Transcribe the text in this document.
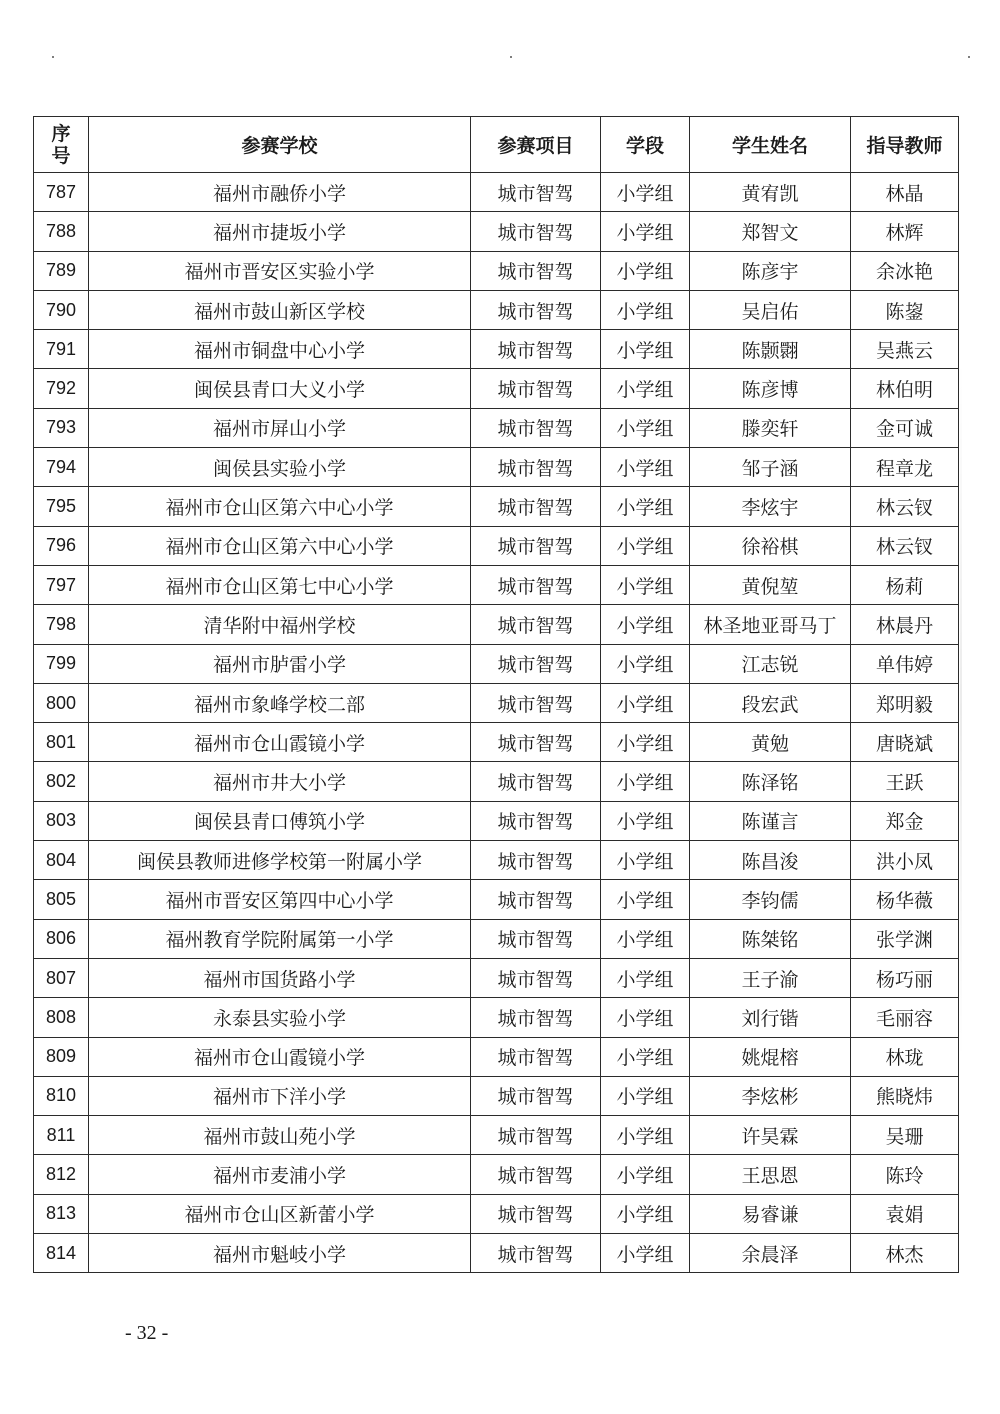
序
号	参赛学校	参赛项目	学段	学生姓名	指导教师
787	福州市融侨小学	城市智驾	小学组	黄宥凯	林晶
788	福州市捷坂小学	城市智驾	小学组	郑智文	林辉
789	福州市晋安区实验小学	城市智驾	小学组	陈彦宇	余冰艳
790	福州市鼓山新区学校	城市智驾	小学组	吴启佑	陈鋆
791	福州市铜盘中心小学	城市智驾	小学组	陈颢翾	吴燕云
792	闽侯县青口大义小学	城市智驾	小学组	陈彦博	林伯明
793	福州市屏山小学	城市智驾	小学组	滕奕轩	金可诚
794	闽侯县实验小学	城市智驾	小学组	邹子涵	程章龙
795	福州市仓山区第六中心小学	城市智驾	小学组	李炫宇	林云钗
796	福州市仓山区第六中心小学	城市智驾	小学组	徐裕棋	林云钗
797	福州市仓山区第七中心小学	城市智驾	小学组	黄倪堃	杨莉
798	清华附中福州学校	城市智驾	小学组	林圣地亚哥马丁	林晨丹
799	福州市胪雷小学	城市智驾	小学组	江志锐	单伟婷
800	福州市象峰学校二部	城市智驾	小学组	段宏武	郑明毅
801	福州市仓山霞镜小学	城市智驾	小学组	黄勉	唐晓斌
802	福州市井大小学	城市智驾	小学组	陈泽铭	王跃
803	闽侯县青口傅筑小学	城市智驾	小学组	陈谨言	郑金
804	闽侯县教师进修学校第一附属小学	城市智驾	小学组	陈昌浚	洪小凤
805	福州市晋安区第四中心小学	城市智驾	小学组	李钧儒	杨华薇
806	福州教育学院附属第一小学	城市智驾	小学组	陈桀铭	张学渊
807	福州市国货路小学	城市智驾	小学组	王子渝	杨巧丽
808	永泰县实验小学	城市智驾	小学组	刘行锴	毛丽容
809	福州市仓山霞镜小学	城市智驾	小学组	姚焜榕	林珑
810	福州市下洋小学	城市智驾	小学组	李炫彬	熊晓炜
811	福州市鼓山苑小学	城市智驾	小学组	许昊霖	吴珊
812	福州市麦浦小学	城市智驾	小学组	王思恩	陈玲
813	福州市仓山区新蕾小学	城市智驾	小学组	易睿谦	袁娟
814	福州市魁岐小学	城市智驾	小学组	余晨泽	林杰
- 32 -
